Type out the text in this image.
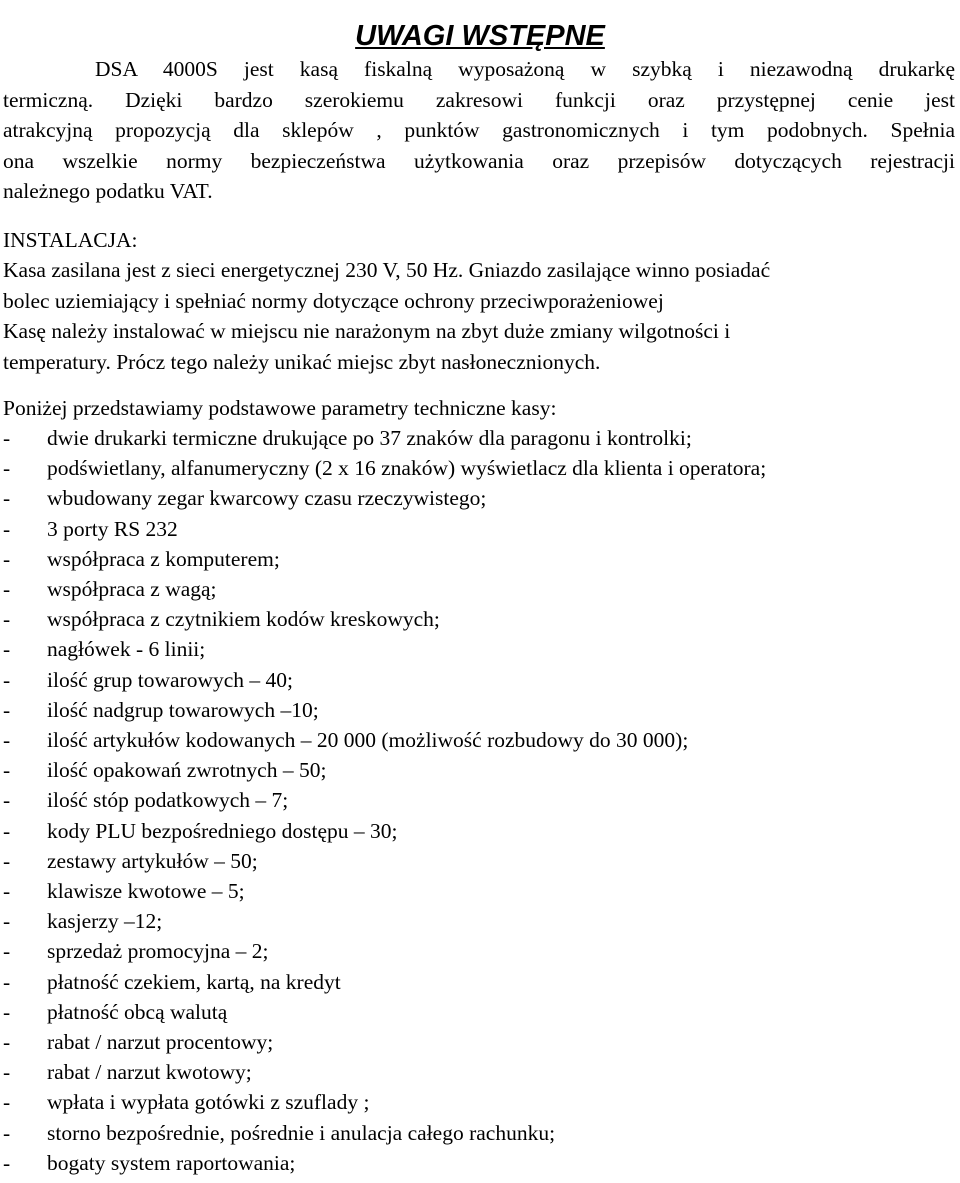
UWAGI WSTĘPNE
DSA 4000S jest kasą fiskalną wyposażoną w szybką i niezawodną drukarkę
termiczną. Dzięki bardzo szerokiemu zakresowi funkcji oraz przystępnej cenie jest
atrakcyjną propozycją dla sklepów , punktów gastronomicznych i tym podobnych. Spełnia
ona wszelkie normy bezpieczeństwa użytkowania oraz przepisów dotyczących rejestracji
należnego podatku VAT.

INSTALACJA:

Kasa zasilana jest z sieci energetycznej 230 V, 50 Hz. Gniazdo zasilające winno posiadać
bolec uziemiający i spełniać normy dotyczące ochrony przeciwporażeniowej
Kasę należy instalować w miejscu nie narażonym na zbyt duże zmiany wilgotności i
temperatury. Prócz tego należy unikać miejsc zbyt nasłonecznionych.

Poniżej przedstawiamy podstawowe parametry techniczne kasy:

- dwie drukarki termiczne drukujące po 37 znaków dla paragonu i kontrolki;
- podświetlany, alfanumeryczny (2 x 16 znaków) wyświetlacz dla klienta i operatora;
- wbudowany zegar kwarcowy czasu rzeczywistego;
- 3 porty RS 232
- współpraca z komputerem;
- współpraca z wagą;
- współpraca z czytnikiem kodów kreskowych;
- nagłówek - 6 linii;
- ilość grup towarowych – 40;
- ilość nadgrup towarowych –10;
- ilość artykułów kodowanych – 20 000 (możliwość rozbudowy do 30 000);
- ilość opakowań zwrotnych – 50;
- ilość stóp podatkowych – 7;
- kody PLU bezpośredniego dostępu – 30;
- zestawy artykułów – 50;
- klawisze kwotowe – 5;
- kasjerzy –12;
- sprzedaż promocyjna – 2;
- płatność czekiem, kartą, na kredyt
- płatność obcą walutą
- rabat / narzut procentowy;
- rabat / narzut kwotowy;
- wpłata i wypłata gotówki z szuflady ;
- storno bezpośrednie, pośrednie i anulacja całego rachunku;
- bogaty system raportowania;
